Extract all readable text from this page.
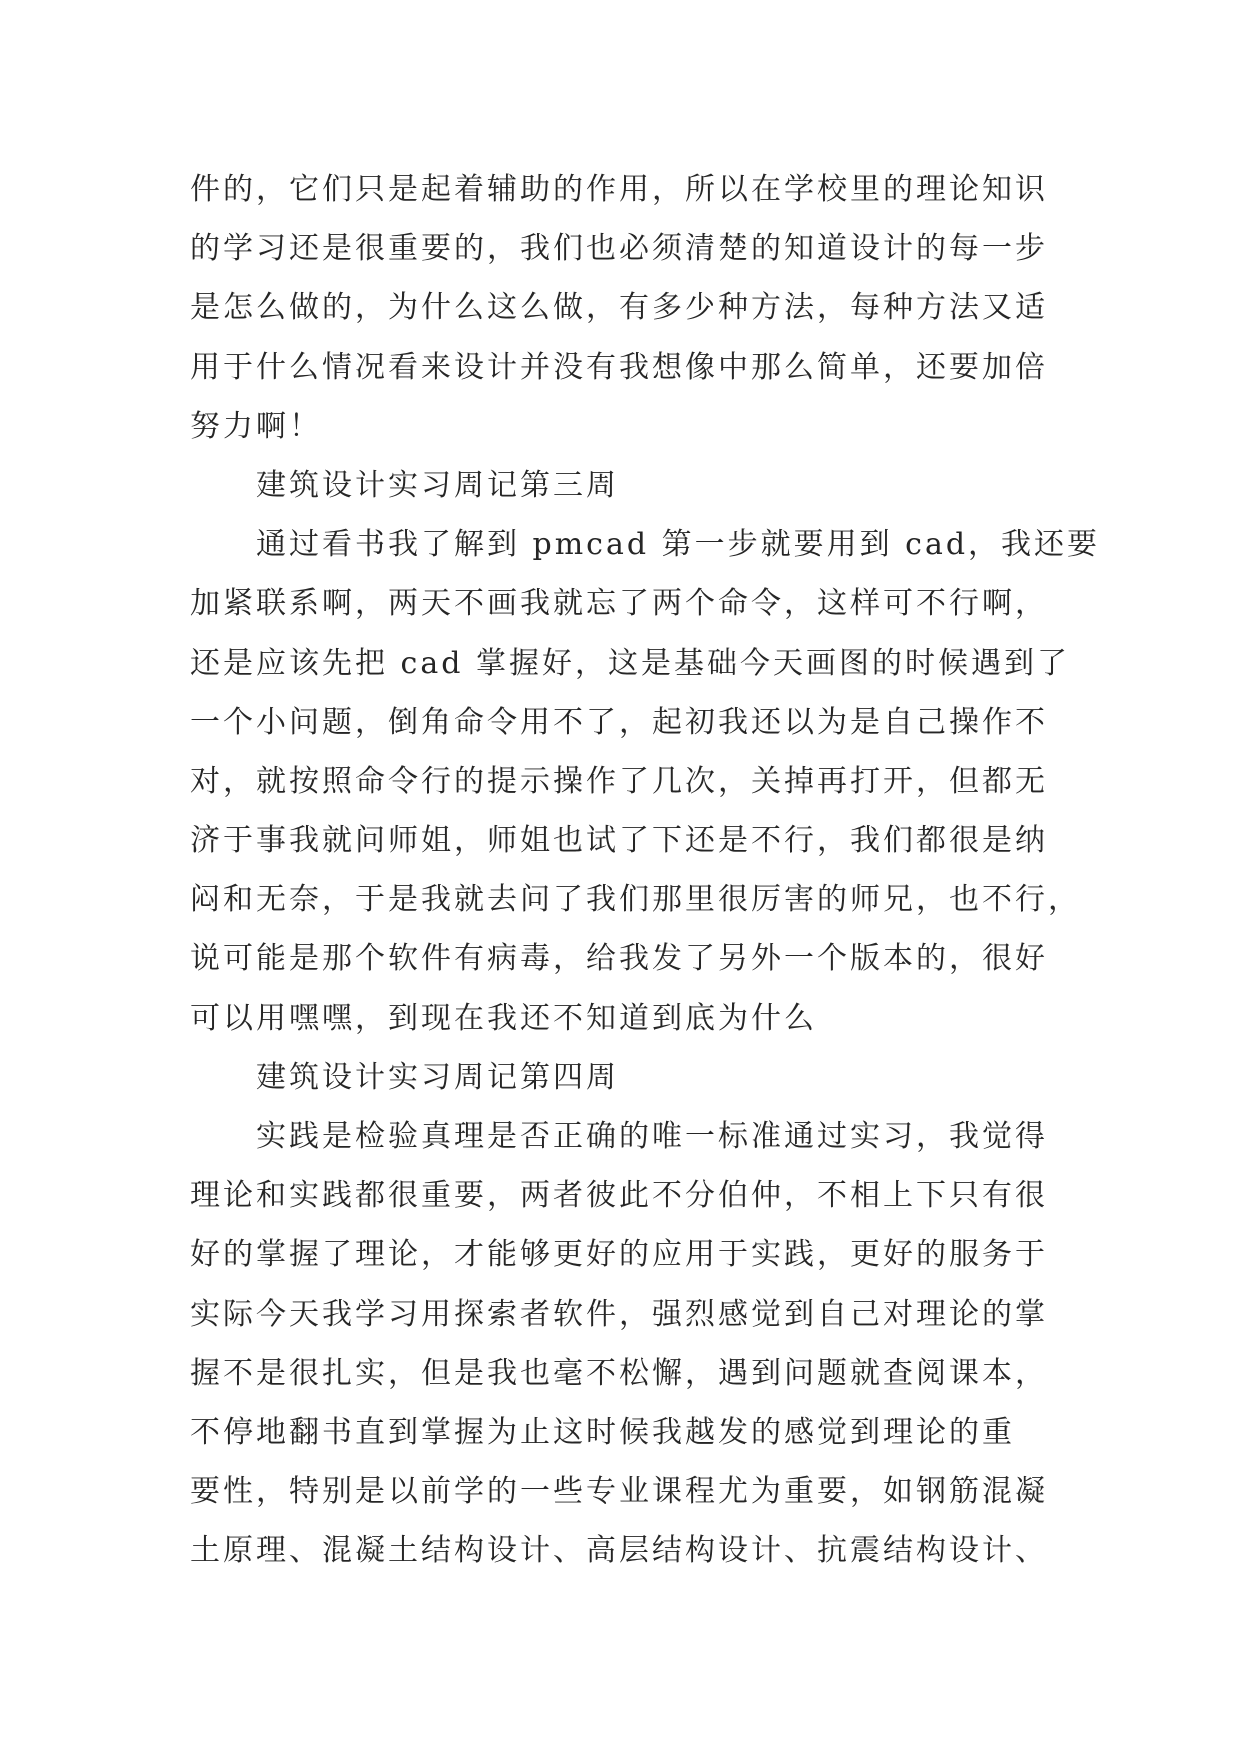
件的，它们只是起着辅助的作用，所以在学校里的理论知识
的学习还是很重要的，我们也必须清楚的知道设计的每一步
是怎么做的，为什么这么做，有多少种方法，每种方法又适
用于什么情况看来设计并没有我想像中那么简单，还要加倍
努力啊！
建筑设计实习周记第三周
通过看书我了解到 pmcad 第一步就要用到 cad，我还要
加紧联系啊，两天不画我就忘了两个命令，这样可不行啊，
还是应该先把 cad 掌握好，这是基础今天画图的时候遇到了
一个小问题，倒角命令用不了，起初我还以为是自己操作不
对，就按照命令行的提示操作了几次，关掉再打开，但都无
济于事我就问师姐，师姐也试了下还是不行，我们都很是纳
闷和无奈，于是我就去问了我们那里很厉害的师兄，也不行，
说可能是那个软件有病毒，给我发了另外一个版本的，很好
可以用嘿嘿，到现在我还不知道到底为什么
建筑设计实习周记第四周
实践是检验真理是否正确的唯一标准通过实习，我觉得
理论和实践都很重要，两者彼此不分伯仲，不相上下只有很
好的掌握了理论，才能够更好的应用于实践，更好的服务于
实际今天我学习用探索者软件，强烈感觉到自己对理论的掌
握不是很扎实，但是我也毫不松懈，遇到问题就查阅课本，
不停地翻书直到掌握为止这时候我越发的感觉到理论的重
要性，特别是以前学的一些专业课程尤为重要，如钢筋混凝
土原理、混凝土结构设计、高层结构设计、抗震结构设计、
